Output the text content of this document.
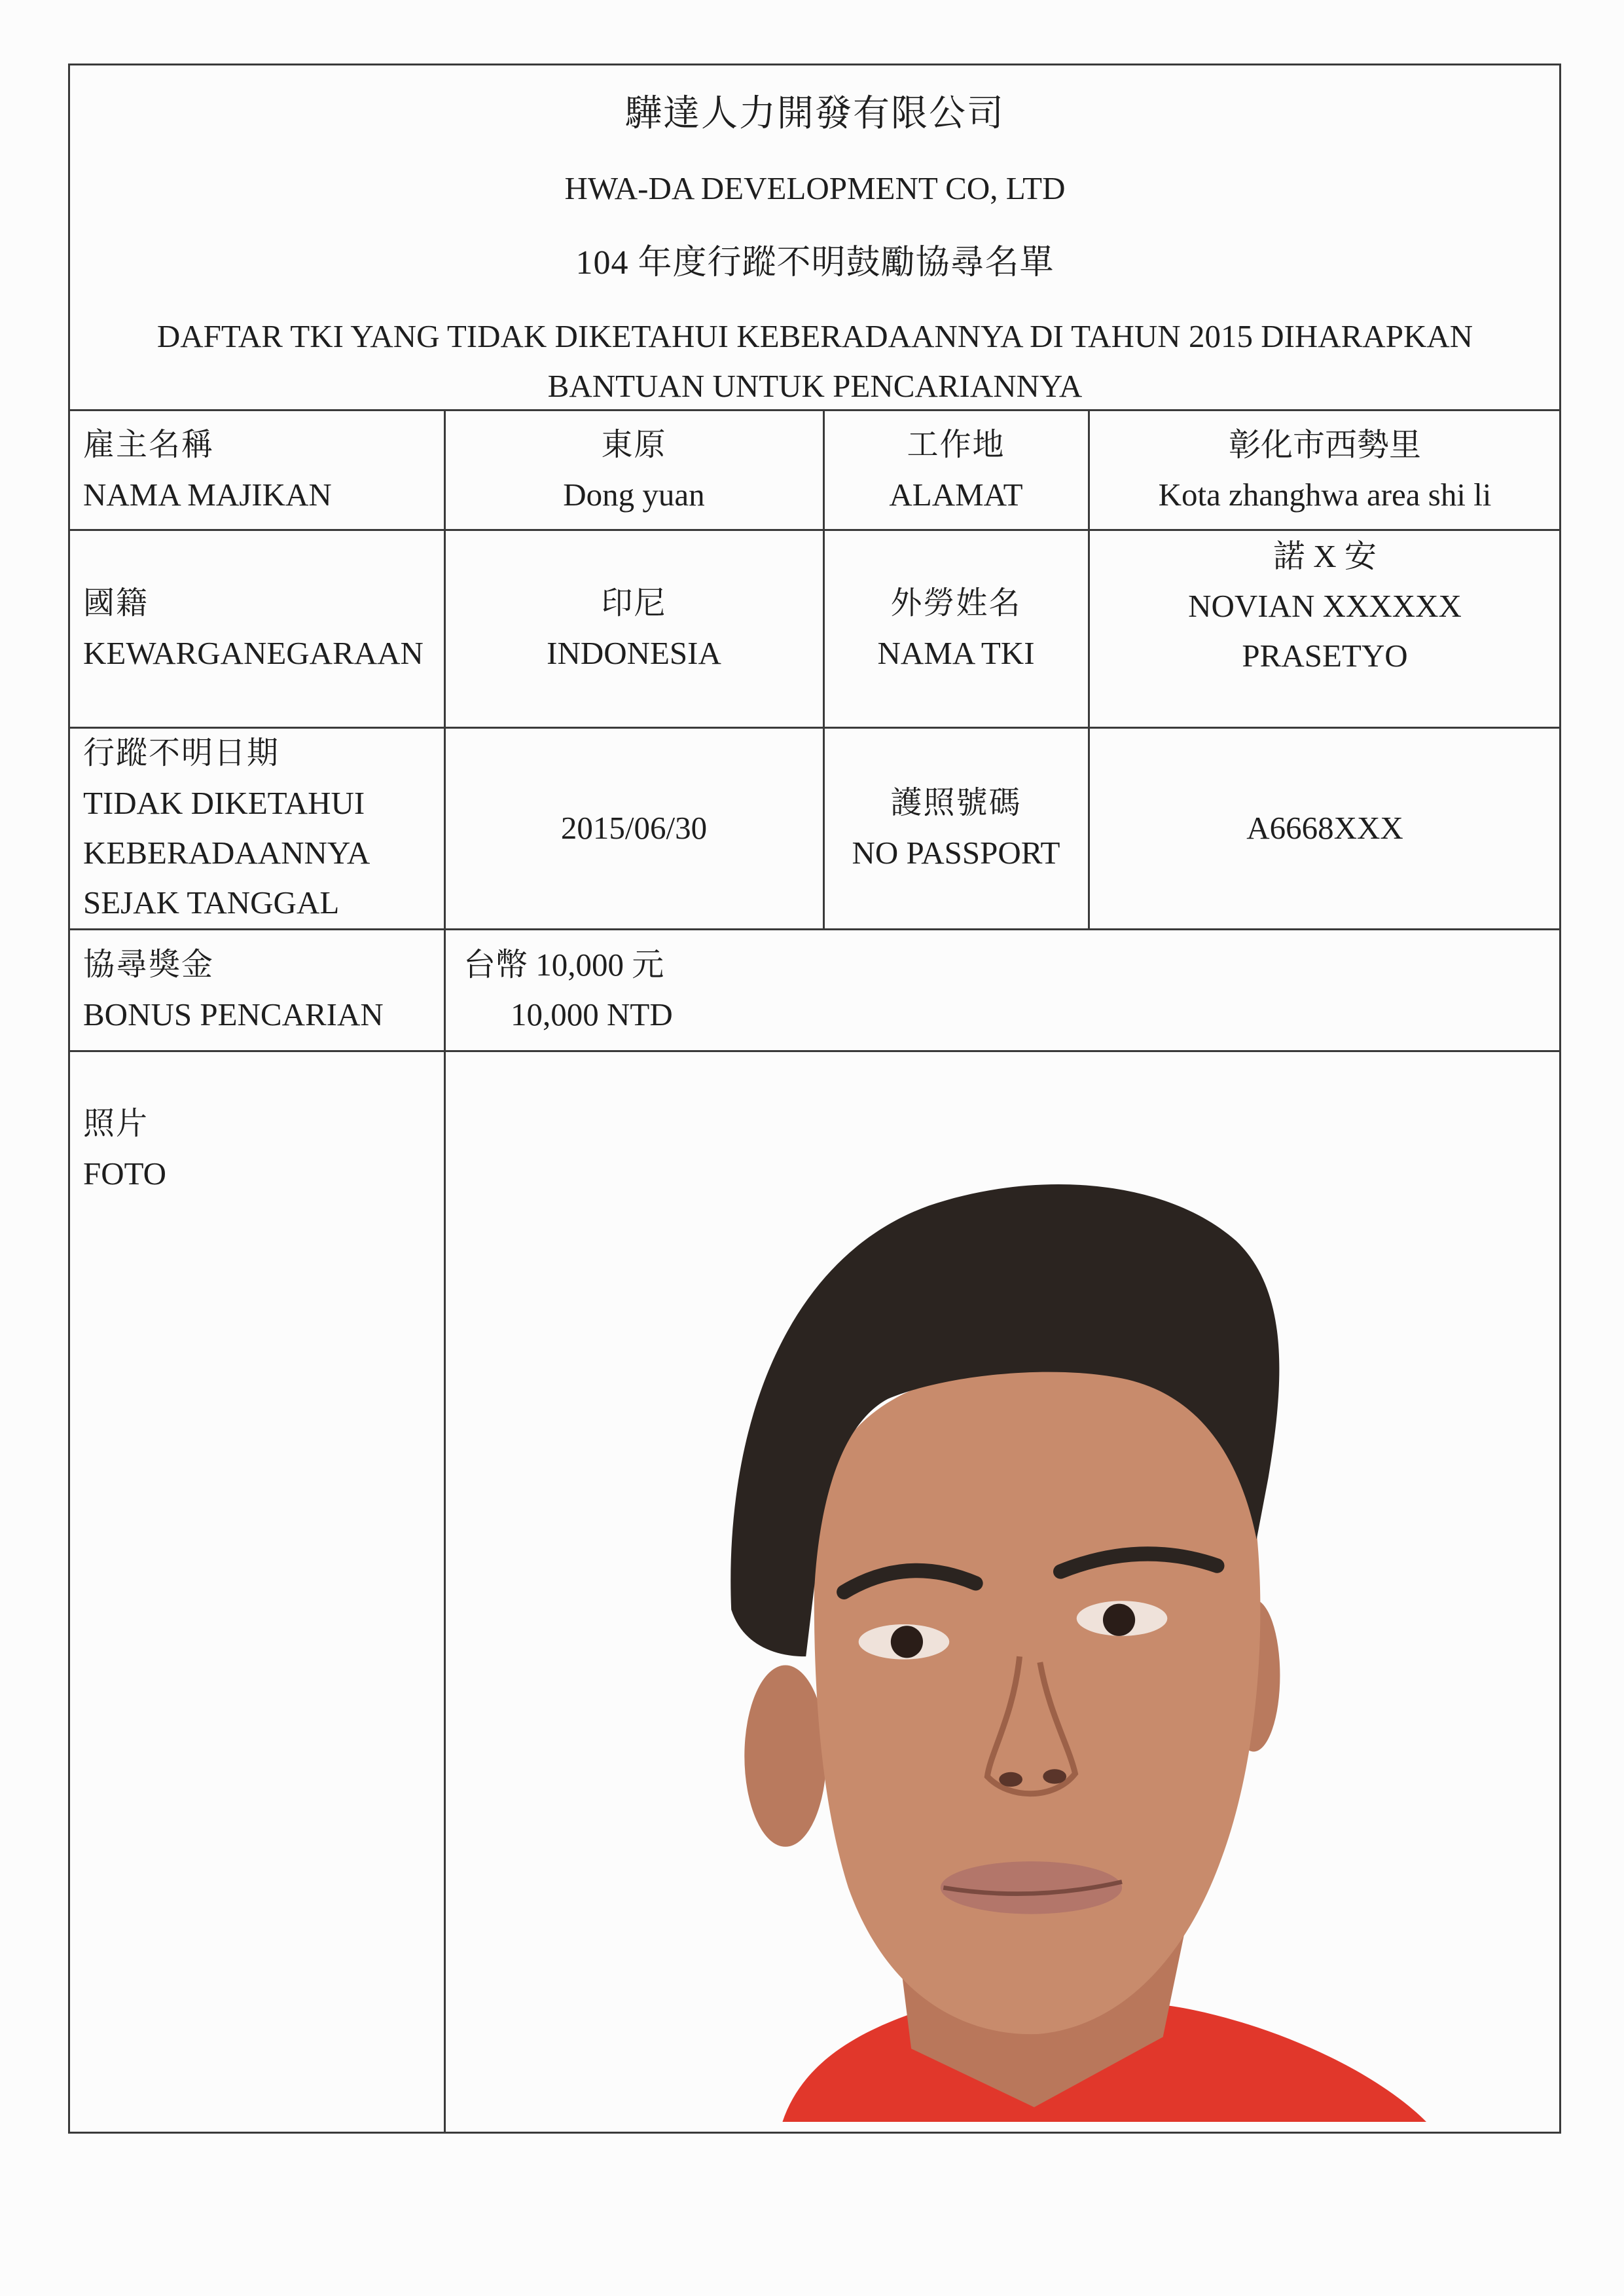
驊達人力開發有限公司
HWA-DA DEVELOPMENT CO, LTD
104 年度行蹤不明鼓勵協尋名單
DAFTAR TKI YANG TIDAK DIKETAHUI KEBERADAANNYA DI TAHUN 2015 DIHARAPKAN
BANTUAN UNTUK PENCARIANNYA
雇主名稱
NAMA MAJIKAN
東原
Dong yuan
工作地
ALAMAT
彰化市西勢里
Kota zhanghwa area shi li
國籍
KEWARGANEGARAAN
印尼
INDONESIA
外勞姓名
NAMA TKI
諾 X 安
NOVIAN XXXXXX
PRASETYO
行蹤不明日期
TIDAK DIKETAHUI
KEBERADAANNYA
SEJAK TANGGAL
2015/06/30
護照號碼
NO PASSPORT
A6668XXX
協尋獎金
BONUS PENCARIAN
台幣 10,000 元
10,000 NTD
照片
FOTO
